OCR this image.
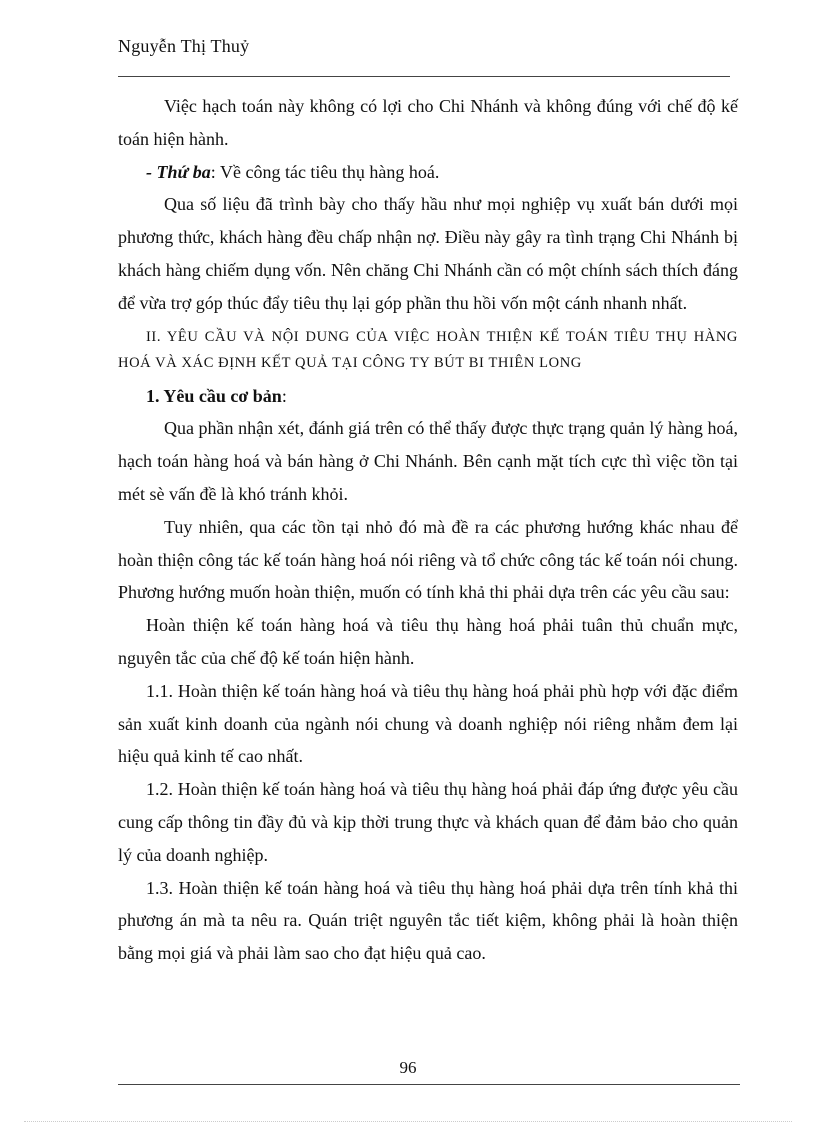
Nguyễn Thị Thuỷ

Việc hạch toán này không có lợi cho Chi Nhánh và không đúng với chế độ kế toán hiện hành.

- Thứ ba: Về công tác tiêu thụ hàng hoá.

Qua số liệu đã trình bày cho thấy hầu như mọi nghiệp vụ xuất bán dưới mọi phương thức, khách hàng đều chấp nhận nợ. Điều này gây ra tình trạng Chi Nhánh bị khách hàng chiếm dụng vốn. Nên chăng Chi Nhánh cần có một chính sách thích đáng để vừa trợ góp thúc đẩy tiêu thụ lại góp phần thu hồi vốn một cánh nhanh nhất.

II. YÊU CẦU VÀ NỘI DUNG CỦA VIỆC HOÀN THIỆN KẾ TOÁN TIÊU THỤ HÀNG HOÁ VÀ XÁC ĐỊNH KẾT QUẢ TẠI CÔNG TY BÚT BI THIÊN LONG

1. Yêu cầu cơ bản:

Qua phần nhận xét, đánh giá trên có thể thấy được thực trạng quản lý hàng hoá, hạch toán hàng hoá và bán hàng ở Chi Nhánh. Bên cạnh mặt tích cực thì việc tồn tại mét sè vấn đề là khó tránh khỏi.

Tuy nhiên, qua các tồn tại nhỏ đó mà đề ra các phương hướng khác nhau để hoàn thiện công tác kế toán hàng hoá nói riêng và tổ chức công tác kế toán nói chung. Phương hướng muốn hoàn thiện, muốn có tính khả thi phải dựa trên các yêu cầu sau:

Hoàn thiện kế toán hàng hoá và tiêu thụ hàng hoá phải tuân thủ chuẩn mực, nguyên tắc của chế độ kế toán hiện hành.

1.1. Hoàn thiện kế toán hàng hoá và tiêu thụ hàng hoá phải phù hợp với đặc điểm sản xuất kinh doanh của ngành nói chung và doanh nghiệp nói riêng nhằm đem lại hiệu quả kinh tế cao nhất.

1.2. Hoàn thiện kế toán hàng hoá và tiêu thụ hàng hoá phải đáp ứng được yêu cầu cung cấp thông tin đầy đủ và kịp thời trung thực và khách quan để đảm bảo cho quản lý của doanh nghiệp.

1.3. Hoàn thiện kế toán hàng hoá và tiêu thụ hàng hoá phải dựa trên tính khả thi phương án mà ta nêu ra. Quán triệt nguyên tắc tiết kiệm, không phải là hoàn thiện bằng mọi giá và phải làm sao cho đạt hiệu quả cao.

96
